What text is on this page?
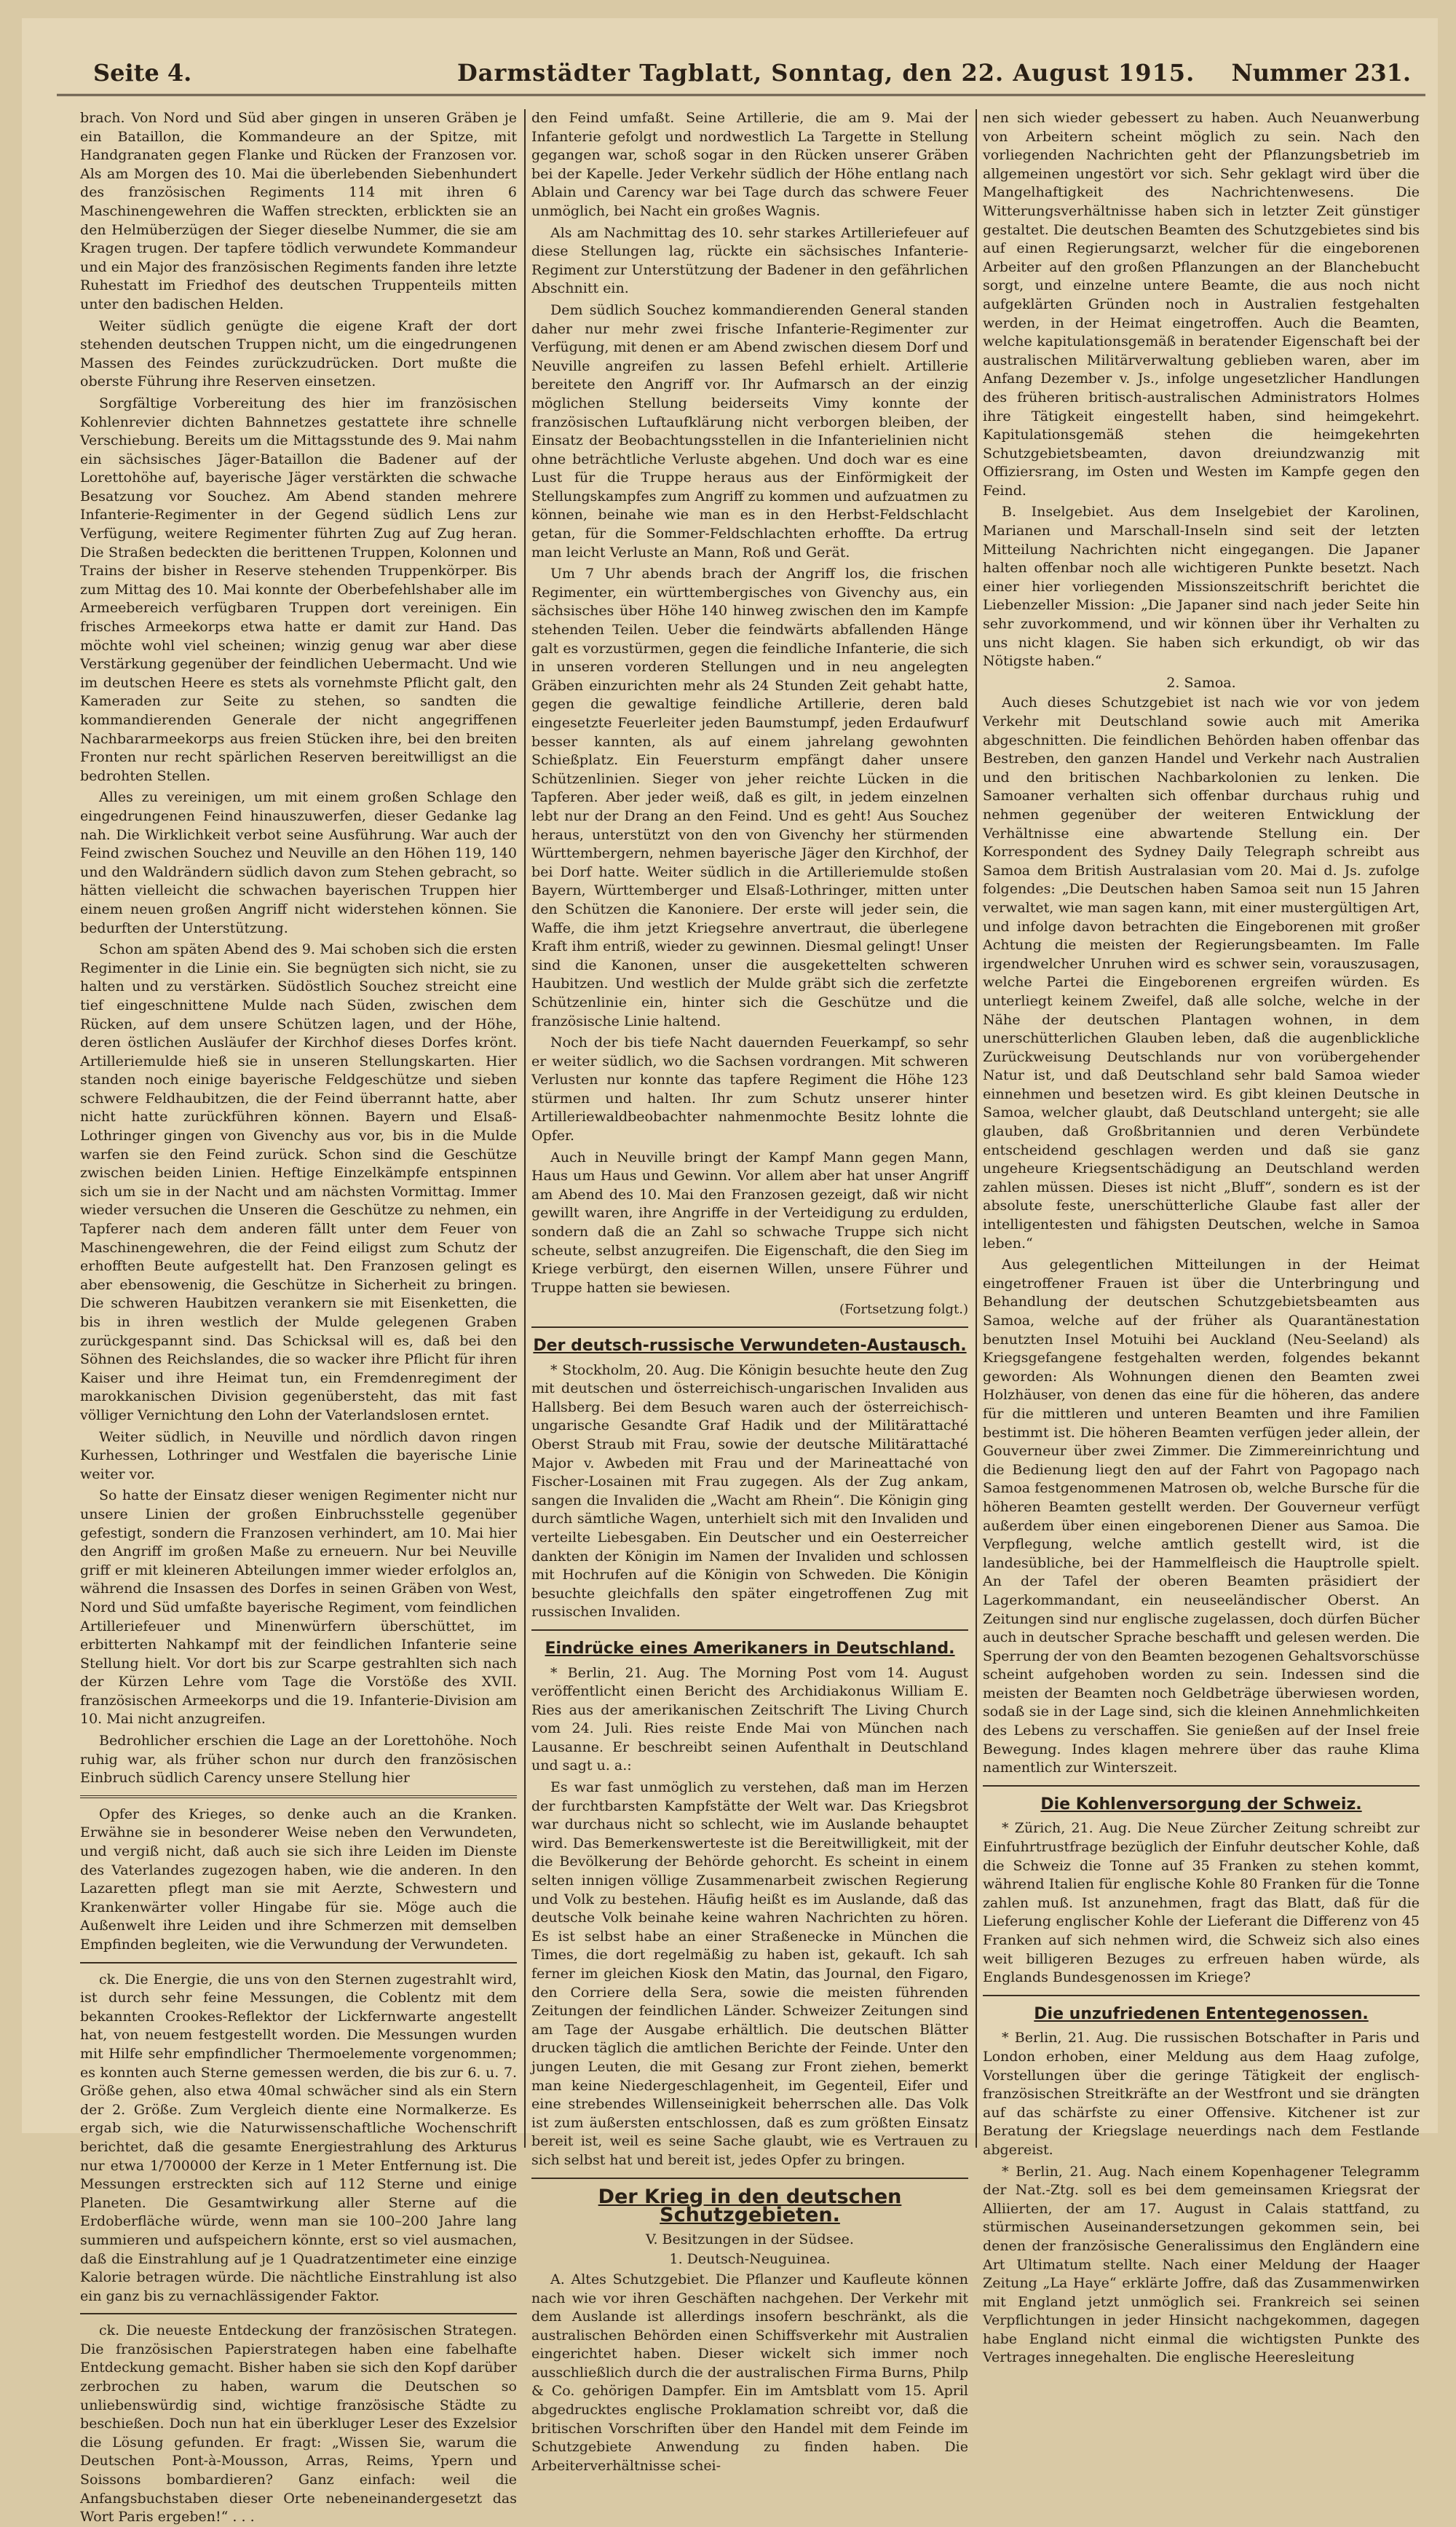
Seite 4.	Darmstädter Tagblatt, Sonntag, den 22. August 1915. Nummer 231.

brach. Von Nord und Süd aber gingen in unseren Gräben je ein Bataillon, die Kommandeure an der Spitze, mit Handgranaten gegen Flanke und Rücken der Franzosen vor. Als am Morgen des 10. Mai die überlebenden Siebenhundert des französischen Regiments 114 mit ihren 6 Maschinengewehren die Waffen streckten, erblickten sie an den Helmüberzügen der Sieger dieselbe Nummer, die sie am Kragen trugen. Der tapfere tödlich verwundete Kommandeur und ein Major des französischen Regiments fanden ihre letzte Ruhestatt im Friedhof des deutschen Truppenteils mitten unter den badischen Helden.

Weiter südlich genügte die eigene Kraft der dort stehenden deutschen Truppen nicht, um die eingedrungenen Massen des Feindes zurückzudrücken. Dort mußte die oberste Führung ihre Reserven einsetzen.

Sorgfältige Vorbereitung des hier im französischen Kohlenrevier dichten Bahnnetzes gestattete ihre schnelle Verschiebung. Bereits um die Mittagsstunde des 9. Mai nahm ein sächsisches Jäger-Bataillon die Badener auf der Lorettohöhe auf, bayerische Jäger verstärkten die schwache Besatzung vor Souchez. Am Abend standen mehrere Infanterie-Regimenter in der Gegend südlich Lens zur Verfügung, weitere Regimenter führten Zug auf Zug heran. Die Straßen bedeckten die berittenen Truppen, Kolonnen und Trains der bisher in Reserve stehenden Truppenkörper. Bis zum Mittag des 10. Mai konnte der Oberbefehlshaber alle im Armeebereich verfügbaren Truppen dort vereinigen. Ein frisches Armeekorps etwa hatte er damit zur Hand. Das möchte wohl viel scheinen; winzig genug war aber diese Verstärkung gegenüber der feindlichen Uebermacht. Und wie im deutschen Heere es stets als vornehmste Pflicht galt, den Kameraden zur Seite zu stehen, so sandten die kommandierenden Generale der nicht angegriffenen Nachbararmeekorps aus freien Stücken ihre, bei den breiten Fronten nur recht spärlichen Reserven bereitwilligst an die bedrohten Stellen.

Alles zu vereinigen, um mit einem großen Schlage den eingedrungenen Feind hinauszuwerfen, dieser Gedanke lag nah. Die Wirklichkeit verbot seine Ausführung. War auch der Feind zwischen Souchez und Neuville an den Höhen 119, 140 und den Waldrändern südlich davon zum Stehen gebracht, so hätten vielleicht die schwachen bayerischen Truppen hier einem neuen großen Angriff nicht widerstehen können. Sie bedurften der Unterstützung.

Schon am späten Abend des 9. Mai schoben sich die ersten Regimenter in die Linie ein. Sie begnügten sich nicht, sie zu halten und zu verstärken. Südöstlich Souchez streicht eine tief eingeschnittene Mulde nach Süden, zwischen dem Rücken, auf dem unsere Schützen lagen, und der Höhe, deren östlichen Ausläufer der Kirchhof dieses Dorfes krönt. Artilleriemulde hieß sie in unseren Stellungskarten. Hier standen noch einige bayerische Feldgeschütze und sieben schwere Feldhaubitzen, die der Feind überrannt hatte, aber nicht hatte zurückführen können. Bayern und Elsaß-Lothringer gingen von Givenchy aus vor, bis in die Mulde warfen sie den Feind zurück. Schon sind die Geschütze zwischen beiden Linien. Heftige Einzelkämpfe entspinnen sich um sie in der Nacht und am nächsten Vormittag. Immer wieder versuchen die Unseren die Geschütze zu nehmen, ein Tapferer nach dem anderen fällt unter dem Feuer von Maschinengewehren, die der Feind eiligst zum Schutz der erhofften Beute aufgestellt hat. Den Franzosen gelingt es aber ebensowenig, die Geschütze in Sicherheit zu bringen. Die schweren Haubitzen verankern sie mit Eisenketten, die bis in ihren westlich der Mulde gelegenen Graben zurückgespannt sind. Das Schicksal will es, daß bei den Söhnen des Reichslandes, die so wacker ihre Pflicht für ihren Kaiser und ihre Heimat tun, ein Fremdenregiment der marokkanischen Division gegenübersteht, das mit fast völliger Vernichtung den Lohn der Vaterlandslosen erntet.

Weiter südlich, in Neuville und nördlich davon ringen Kurhessen, Lothringer und Westfalen die bayerische Linie weiter vor.

So hatte der Einsatz dieser wenigen Regimenter nicht nur unsere Linien der großen Einbruchsstelle gegenüber gefestigt, sondern die Franzosen verhindert, am 10. Mai hier den Angriff im großen Maße zu erneuern. Nur bei Neuville griff er mit kleineren Abteilungen immer wieder erfolglos an, während die Insassen des Dorfes in seinen Gräben von West, Nord und Süd umfaßte bayerische Regiment, vom feindlichen Artilleriefeuer und Minenwürfern überschüttet, im erbitterten Nahkampf mit der feindlichen Infanterie seine Stellung hielt. Vor dort bis zur Scarpe gestrahlten sich nach der Kürzen Lehre vom Tage die Vorstöße des XVII. französischen Armeekorps und die 19. Infanterie-Division am 10. Mai nicht anzugreifen.

Bedrohlicher erschien die Lage an der Lorettohöhe. Noch ruhig war, als früher schon nur durch den französischen Einbruch südlich Carency unsere Stellung hier

Opfer des Krieges, so denke auch an die Kranken. Erwähne sie in besonderer Weise neben den Verwundeten, und vergiß nicht, daß auch sie sich ihre Leiden im Dienste des Vaterlandes zugezogen haben, wie die anderen. In den Lazaretten pflegt man sie mit Aerzte, Schwestern und Krankenwärter voller Hingabe für sie. Möge auch die Außenwelt ihre Leiden und ihre Schmerzen mit demselben Empfinden begleiten, wie die Verwundung der Verwundeten.

ck. Die Energie, die uns von den Sternen zugestrahlt wird, ist durch sehr feine Messungen, die Coblentz mit dem bekannten Crookes-Reflektor der Lickfernwarte angestellt hat, von neuem festgestellt worden. Die Messungen wurden mit Hilfe sehr empfindlicher Thermoelemente vorgenommen; es konnten auch Sterne gemessen werden, die bis zur 6. u. 7. Größe gehen, also etwa 40mal schwächer sind als ein Stern der 2. Größe. Zum Vergleich diente eine Normalkerze. Es ergab sich, wie die Naturwissenschaftliche Wochenschrift berichtet, daß die gesamte Energiestrahlung des Arkturus nur etwa 1/700000 der Kerze in 1 Meter Entfernung ist. Die Messungen erstreckten sich auf 112 Sterne und einige Planeten. Die Gesamtwirkung aller Sterne auf die Erdoberfläche würde, wenn man sie 100–200 Jahre lang summieren und aufspeichern könnte, erst so viel ausmachen, daß die Einstrahlung auf je 1 Quadratzentimeter eine einzige Kalorie betragen würde. Die nächtliche Einstrahlung ist also ein ganz bis zu vernachlässigender Faktor.

ck. Die neueste Entdeckung der französischen Strategen. Die französischen Papierstrategen haben eine fabelhafte Entdeckung gemacht. Bisher haben sie sich den Kopf darüber zerbrochen zu haben, warum die Deutschen so unliebenswürdig sind, wichtige französische Städte zu beschießen. Doch nun hat ein überkluger Leser des Exzelsior die Lösung gefunden. Er fragt: „Wissen Sie, warum die Deutschen Pont-à-Mousson, Arras, Reims, Ypern und Soissons bombardieren? Ganz einfach: weil die Anfangsbuchstaben dieser Orte nebeneinandergesetzt das Wort Paris ergeben!“ . . .

den Feind umfaßt. Seine Artillerie, die am 9. Mai der Infanterie gefolgt und nordwestlich La Targette in Stellung gegangen war, schoß sogar in den Rücken unserer Gräben bei der Kapelle. Jeder Verkehr südlich der Höhe entlang nach Ablain und Carency war bei Tage durch das schwere Feuer unmöglich, bei Nacht ein großes Wagnis.

Als am Nachmittag des 10. sehr starkes Artilleriefeuer auf diese Stellungen lag, rückte ein sächsisches Infanterie-Regiment zur Unterstützung der Badener in den gefährlichen Abschnitt ein.

Dem südlich Souchez kommandierenden General standen daher nur mehr zwei frische Infanterie-Regimenter zur Verfügung, mit denen er am Abend zwischen diesem Dorf und Neuville angreifen zu lassen Befehl erhielt. Artillerie bereitete den Angriff vor. Ihr Aufmarsch an der einzig möglichen Stellung beiderseits Vimy konnte der französischen Luftaufklärung nicht verborgen bleiben, der Einsatz der Beobachtungsstellen in die Infanterielinien nicht ohne beträchtliche Verluste abgehen. Und doch war es eine Lust für die Truppe heraus aus der Einförmigkeit der Stellungskampfes zum Angriff zu kommen und aufzuatmen zu können, beinahe wie man es in den Herbst-Feldschlacht getan, für die Sommer-Feldschlachten erhoffte. Da ertrug man leicht Verluste an Mann, Roß und Gerät.

Um 7 Uhr abends brach der Angriff los, die frischen Regimenter, ein württembergisches von Givenchy aus, ein sächsisches über Höhe 140 hinweg zwischen den im Kampfe stehenden Teilen. Ueber die feindwärts abfallenden Hänge galt es vorzustürmen, gegen die feindliche Infanterie, die sich in unseren vorderen Stellungen und in neu angelegten Gräben einzurichten mehr als 24 Stunden Zeit gehabt hatte, gegen die gewaltige feindliche Artillerie, deren bald eingesetzte Feuerleiter jeden Baumstumpf, jeden Erdaufwurf besser kannten, als auf einem jahrelang gewohnten Schießplatz. Ein Feuersturm empfängt daher unsere Schützenlinien. Sieger von jeher reichte Lücken in die Tapferen. Aber jeder weiß, daß es gilt, in jedem einzelnen lebt nur der Drang an den Feind. Und es geht! Aus Souchez heraus, unterstützt von den von Givenchy her stürmenden Württembergern, nehmen bayerische Jäger den Kirchhof, der bei Dorf hatte. Weiter südlich in die Artilleriemulde stoßen Bayern, Württemberger und Elsaß-Lothringer, mitten unter den Schützen die Kanoniere. Der erste will jeder sein, die Waffe, die ihm jetzt Kriegsehre anvertraut, die überlegene Kraft ihm entriß, wieder zu gewinnen. Diesmal gelingt! Unser sind die Kanonen, unser die ausgekettelten schweren Haubitzen. Und westlich der Mulde gräbt sich die zerfetzte Schützenlinie ein, hinter sich die Geschütze und die französische Linie haltend.

Noch der bis tiefe Nacht dauernden Feuerkampf, so sehr er weiter südlich, wo die Sachsen vordrangen. Mit schweren Verlusten nur konnte das tapfere Regiment die Höhe 123 stürmen und halten. Ihr zum Schutz unserer hinter Artilleriewaldbeobachter nahmenmochte Besitz lohnte die Opfer.

Auch in Neuville bringt der Kampf Mann gegen Mann, Haus um Haus und Gewinn. Vor allem aber hat unser Angriff am Abend des 10. Mai den Franzosen gezeigt, daß wir nicht gewillt waren, ihre Angriffe in der Verteidigung zu erdulden, sondern daß die an Zahl so schwache Truppe sich nicht scheute, selbst anzugreifen. Die Eigenschaft, die den Sieg im Kriege verbürgt, den eisernen Willen, unsere Führer und Truppe hatten sie bewiesen.

(Fortsetzung folgt.)
Der deutsch-russische Verwundeten-Austausch.

* Stockholm, 20. Aug. Die Königin besuchte heute den Zug mit deutschen und österreichisch-ungarischen Invaliden aus Hallsberg. Bei dem Besuch waren auch der österreichisch-ungarische Gesandte Graf Hadik und der Militärattaché Oberst Straub mit Frau, sowie der deutsche Militärattaché Major v. Awbeden mit Frau und der Marineattaché von Fischer-Losainen mit Frau zugegen. Als der Zug ankam, sangen die Invaliden die „Wacht am Rhein“. Die Königin ging durch sämtliche Wagen, unterhielt sich mit den Invaliden und verteilte Liebesgaben. Ein Deutscher und ein Oesterreicher dankten der Königin im Namen der Invaliden und schlossen mit Hochrufen auf die Königin von Schweden. Die Königin besuchte gleichfalls den später eingetroffenen Zug mit russischen Invaliden.

Eindrücke eines Amerikaners in Deutschland.

* Berlin, 21. Aug. The Morning Post vom 14. August veröffentlicht einen Bericht des Archidiakonus William E. Ries aus der amerikanischen Zeitschrift The Living Church vom 24. Juli. Ries reiste Ende Mai von München nach Lausanne. Er beschreibt seinen Aufenthalt in Deutschland und sagt u. a.:

Es war fast unmöglich zu verstehen, daß man im Herzen der furchtbarsten Kampfstätte der Welt war. Das Kriegsbrot war durchaus nicht so schlecht, wie im Auslande behauptet wird. Das Bemerkenswerteste ist die Bereitwilligkeit, mit der die Bevölkerung der Behörde gehorcht. Es scheint in einem selten innigen völlige Zusammenarbeit zwischen Regierung und Volk zu bestehen. Häufig heißt es im Auslande, daß das deutsche Volk beinahe keine wahren Nachrichten zu hören. Es ist selbst habe an einer Straßenecke in München die Times, die dort regelmäßig zu haben ist, gekauft. Ich sah ferner im gleichen Kiosk den Matin, das Journal, den Figaro, den Corriere della Sera, sowie die meisten führenden Zeitungen der feindlichen Länder. Schweizer Zeitungen sind am Tage der Ausgabe erhältlich. Die deutschen Blätter drucken täglich die amtlichen Berichte der Feinde. Unter den jungen Leuten, die mit Gesang zur Front ziehen, bemerkt man keine Niedergeschlagenheit, im Gegenteil, Eifer und eine strebendes Willenseinigkeit beherrschen alle. Das Volk ist zum äußersten entschlossen, daß es zum größten Einsatz bereit ist, weil es seine Sache glaubt, wie es Vertrauen zu sich selbst hat und bereit ist, jedes Opfer zu bringen.

Der Krieg in den deutschen Schutzgebieten.
V. Besitzungen in der Südsee.
1. Deutsch-Neuguinea.

A. Altes Schutzgebiet. Die Pflanzer und Kaufleute können nach wie vor ihren Geschäften nachgehen. Der Verkehr mit dem Auslande ist allerdings insofern beschränkt, als die australischen Behörden einen Schiffsverkehr mit Australien eingerichtet haben. Dieser wickelt sich immer noch ausschließlich durch die der australischen Firma Burns, Philp & Co. gehörigen Dampfer. Ein im Amtsblatt vom 15. April abgedrucktes englische Proklamation schreibt vor, daß die britischen Vorschriften über den Handel mit dem Feinde im Schutzgebiete Anwendung zu finden haben. Die Arbeiterverhältnisse schei-

nen sich wieder gebessert zu haben. Auch Neuanwerbung von Arbeitern scheint möglich zu sein. Nach den vorliegenden Nachrichten geht der Pflanzungsbetrieb im allgemeinen ungestört vor sich. Sehr geklagt wird über die Mangelhaftigkeit des Nachrichtenwesens. Die Witterungsverhältnisse haben sich in letzter Zeit günstiger gestaltet. Die deutschen Beamten des Schutzgebietes sind bis auf einen Regierungsarzt, welcher für die eingeborenen Arbeiter auf den großen Pflanzungen an der Blanchebucht sorgt, und einzelne untere Beamte, die aus noch nicht aufgeklärten Gründen noch in Australien festgehalten werden, in der Heimat eingetroffen. Auch die Beamten, welche kapitulationsgemäß in beratender Eigenschaft bei der australischen Militärverwaltung geblieben waren, aber im Anfang Dezember v. Js., infolge ungesetzlicher Handlungen des früheren britisch-australischen Administrators Holmes ihre Tätigkeit eingestellt haben, sind heimgekehrt. Kapitulationsgemäß stehen die heimgekehrten Schutzgebietsbeamten, davon dreiundzwanzig mit Offiziersrang, im Osten und Westen im Kampfe gegen den Feind.

B. Inselgebiet. Aus dem Inselgebiet der Karolinen, Marianen und Marschall-Inseln sind seit der letzten Mitteilung Nachrichten nicht eingegangen. Die Japaner halten offenbar noch alle wichtigeren Punkte besetzt. Nach einer hier vorliegenden Missionszeitschrift berichtet die Liebenzeller Mission: „Die Japaner sind nach jeder Seite hin sehr zuvorkommend, und wir können über ihr Verhalten zu uns nicht klagen. Sie haben sich erkundigt, ob wir das Nötigste haben.“

2. Samoa.

Auch dieses Schutzgebiet ist nach wie vor von jedem Verkehr mit Deutschland sowie auch mit Amerika abgeschnitten. Die feindlichen Behörden haben offenbar das Bestreben, den ganzen Handel und Verkehr nach Australien und den britischen Nachbarkolonien zu lenken. Die Samoaner verhalten sich offenbar durchaus ruhig und nehmen gegenüber der weiteren Entwicklung der Verhältnisse eine abwartende Stellung ein. Der Korrespondent des Sydney Daily Telegraph schreibt aus Samoa dem British Australasian vom 20. Mai d. Js. zufolge folgendes: „Die Deutschen haben Samoa seit nun 15 Jahren verwaltet, wie man sagen kann, mit einer mustergültigen Art, und infolge davon betrachten die Eingeborenen mit großer Achtung die meisten der Regierungsbeamten. Im Falle irgendwelcher Unruhen wird es schwer sein, vorauszusagen, welche Partei die Eingeborenen ergreifen würden. Es unterliegt keinem Zweifel, daß alle solche, welche in der Nähe der deutschen Plantagen wohnen, in dem unerschütterlichen Glauben leben, daß die augenblickliche Zurückweisung Deutschlands nur von vorübergehender Natur ist, und daß Deutschland sehr bald Samoa wieder einnehmen und besetzen wird. Es gibt kleinen Deutsche in Samoa, welcher glaubt, daß Deutschland untergeht; sie alle glauben, daß Großbritannien und deren Verbündete entscheidend geschlagen werden und daß sie ganz ungeheure Kriegsentschädigung an Deutschland werden zahlen müssen. Dieses ist nicht „Bluff“, sondern es ist der absolute feste, unerschütterliche Glaube fast aller der intelligentesten und fähigsten Deutschen, welche in Samoa leben.“

Aus gelegentlichen Mitteilungen in der Heimat eingetroffener Frauen ist über die Unterbringung und Behandlung der deutschen Schutzgebietsbeamten aus Samoa, welche auf der früher als Quarantänestation benutzten Insel Motuihi bei Auckland (Neu-Seeland) als Kriegsgefangene festgehalten werden, folgendes bekannt geworden: Als Wohnungen dienen den Beamten zwei Holzhäuser, von denen das eine für die höheren, das andere für die mittleren und unteren Beamten und ihre Familien bestimmt ist. Die höheren Beamten verfügen jeder allein, der Gouverneur über zwei Zimmer. Die Zimmereinrichtung und die Bedienung liegt den auf der Fahrt von Pagopago nach Samoa festgenommenen Matrosen ob, welche Bursche für die höheren Beamten gestellt werden. Der Gouverneur verfügt außerdem über einen eingeborenen Diener aus Samoa. Die Verpflegung, welche amtlich gestellt wird, ist die landesübliche, bei der Hammelfleisch die Hauptrolle spielt. An der Tafel der oberen Beamten präsidiert der Lagerkommandant, ein neuseeländischer Oberst. An Zeitungen sind nur englische zugelassen, doch dürfen Bücher auch in deutscher Sprache beschafft und gelesen werden. Die Sperrung der von den Beamten bezogenen Gehaltsvorschüsse scheint aufgehoben worden zu sein. Indessen sind die meisten der Beamten noch Geldbeträge überwiesen worden, sodaß sie in der Lage sind, sich die kleinen Annehmlichkeiten des Lebens zu verschaffen. Sie genießen auf der Insel freie Bewegung. Indes klagen mehrere über das rauhe Klima namentlich zur Winterszeit.

Die Kohlenversorgung der Schweiz.

* Zürich, 21. Aug. Die Neue Zürcher Zeitung schreibt zur Einfuhrtrustfrage bezüglich der Einfuhr deutscher Kohle, daß die Schweiz die Tonne auf 35 Franken zu stehen kommt, während Italien für englische Kohle 80 Franken für die Tonne zahlen muß. Ist anzunehmen, fragt das Blatt, daß für die Lieferung englischer Kohle der Lieferant die Differenz von 45 Franken auf sich nehmen wird, die Schweiz sich also eines weit billigeren Bezuges zu erfreuen haben würde, als Englands Bundesgenossen im Kriege?

Die unzufriedenen Ententegenossen.

* Berlin, 21. Aug. Die russischen Botschafter in Paris und London erhoben, einer Meldung aus dem Haag zufolge, Vorstellungen über die geringe Tätigkeit der englisch-französischen Streitkräfte an der Westfront und sie drängten auf das schärfste zu einer Offensive. Kitchener ist zur Beratung der Kriegslage neuerdings nach dem Festlande abgereist.

* Berlin, 21. Aug. Nach einem Kopenhagener Telegramm der Nat.-Ztg. soll es bei dem gemeinsamen Kriegsrat der Alliierten, der am 17. August in Calais stattfand, zu stürmischen Auseinandersetzungen gekommen sein, bei denen der französische Generalissimus den Engländern eine Art Ultimatum stellte. Nach einer Meldung der Haager Zeitung „La Haye“ erklärte Joffre, daß das Zusammenwirken mit England jetzt unmöglich sei. Frankreich sei seinen Verpflichtungen in jeder Hinsicht nachgekommen, dagegen habe England nicht einmal die wichtigsten Punkte des Vertrages innegehalten. Die englische Heeresleitung
